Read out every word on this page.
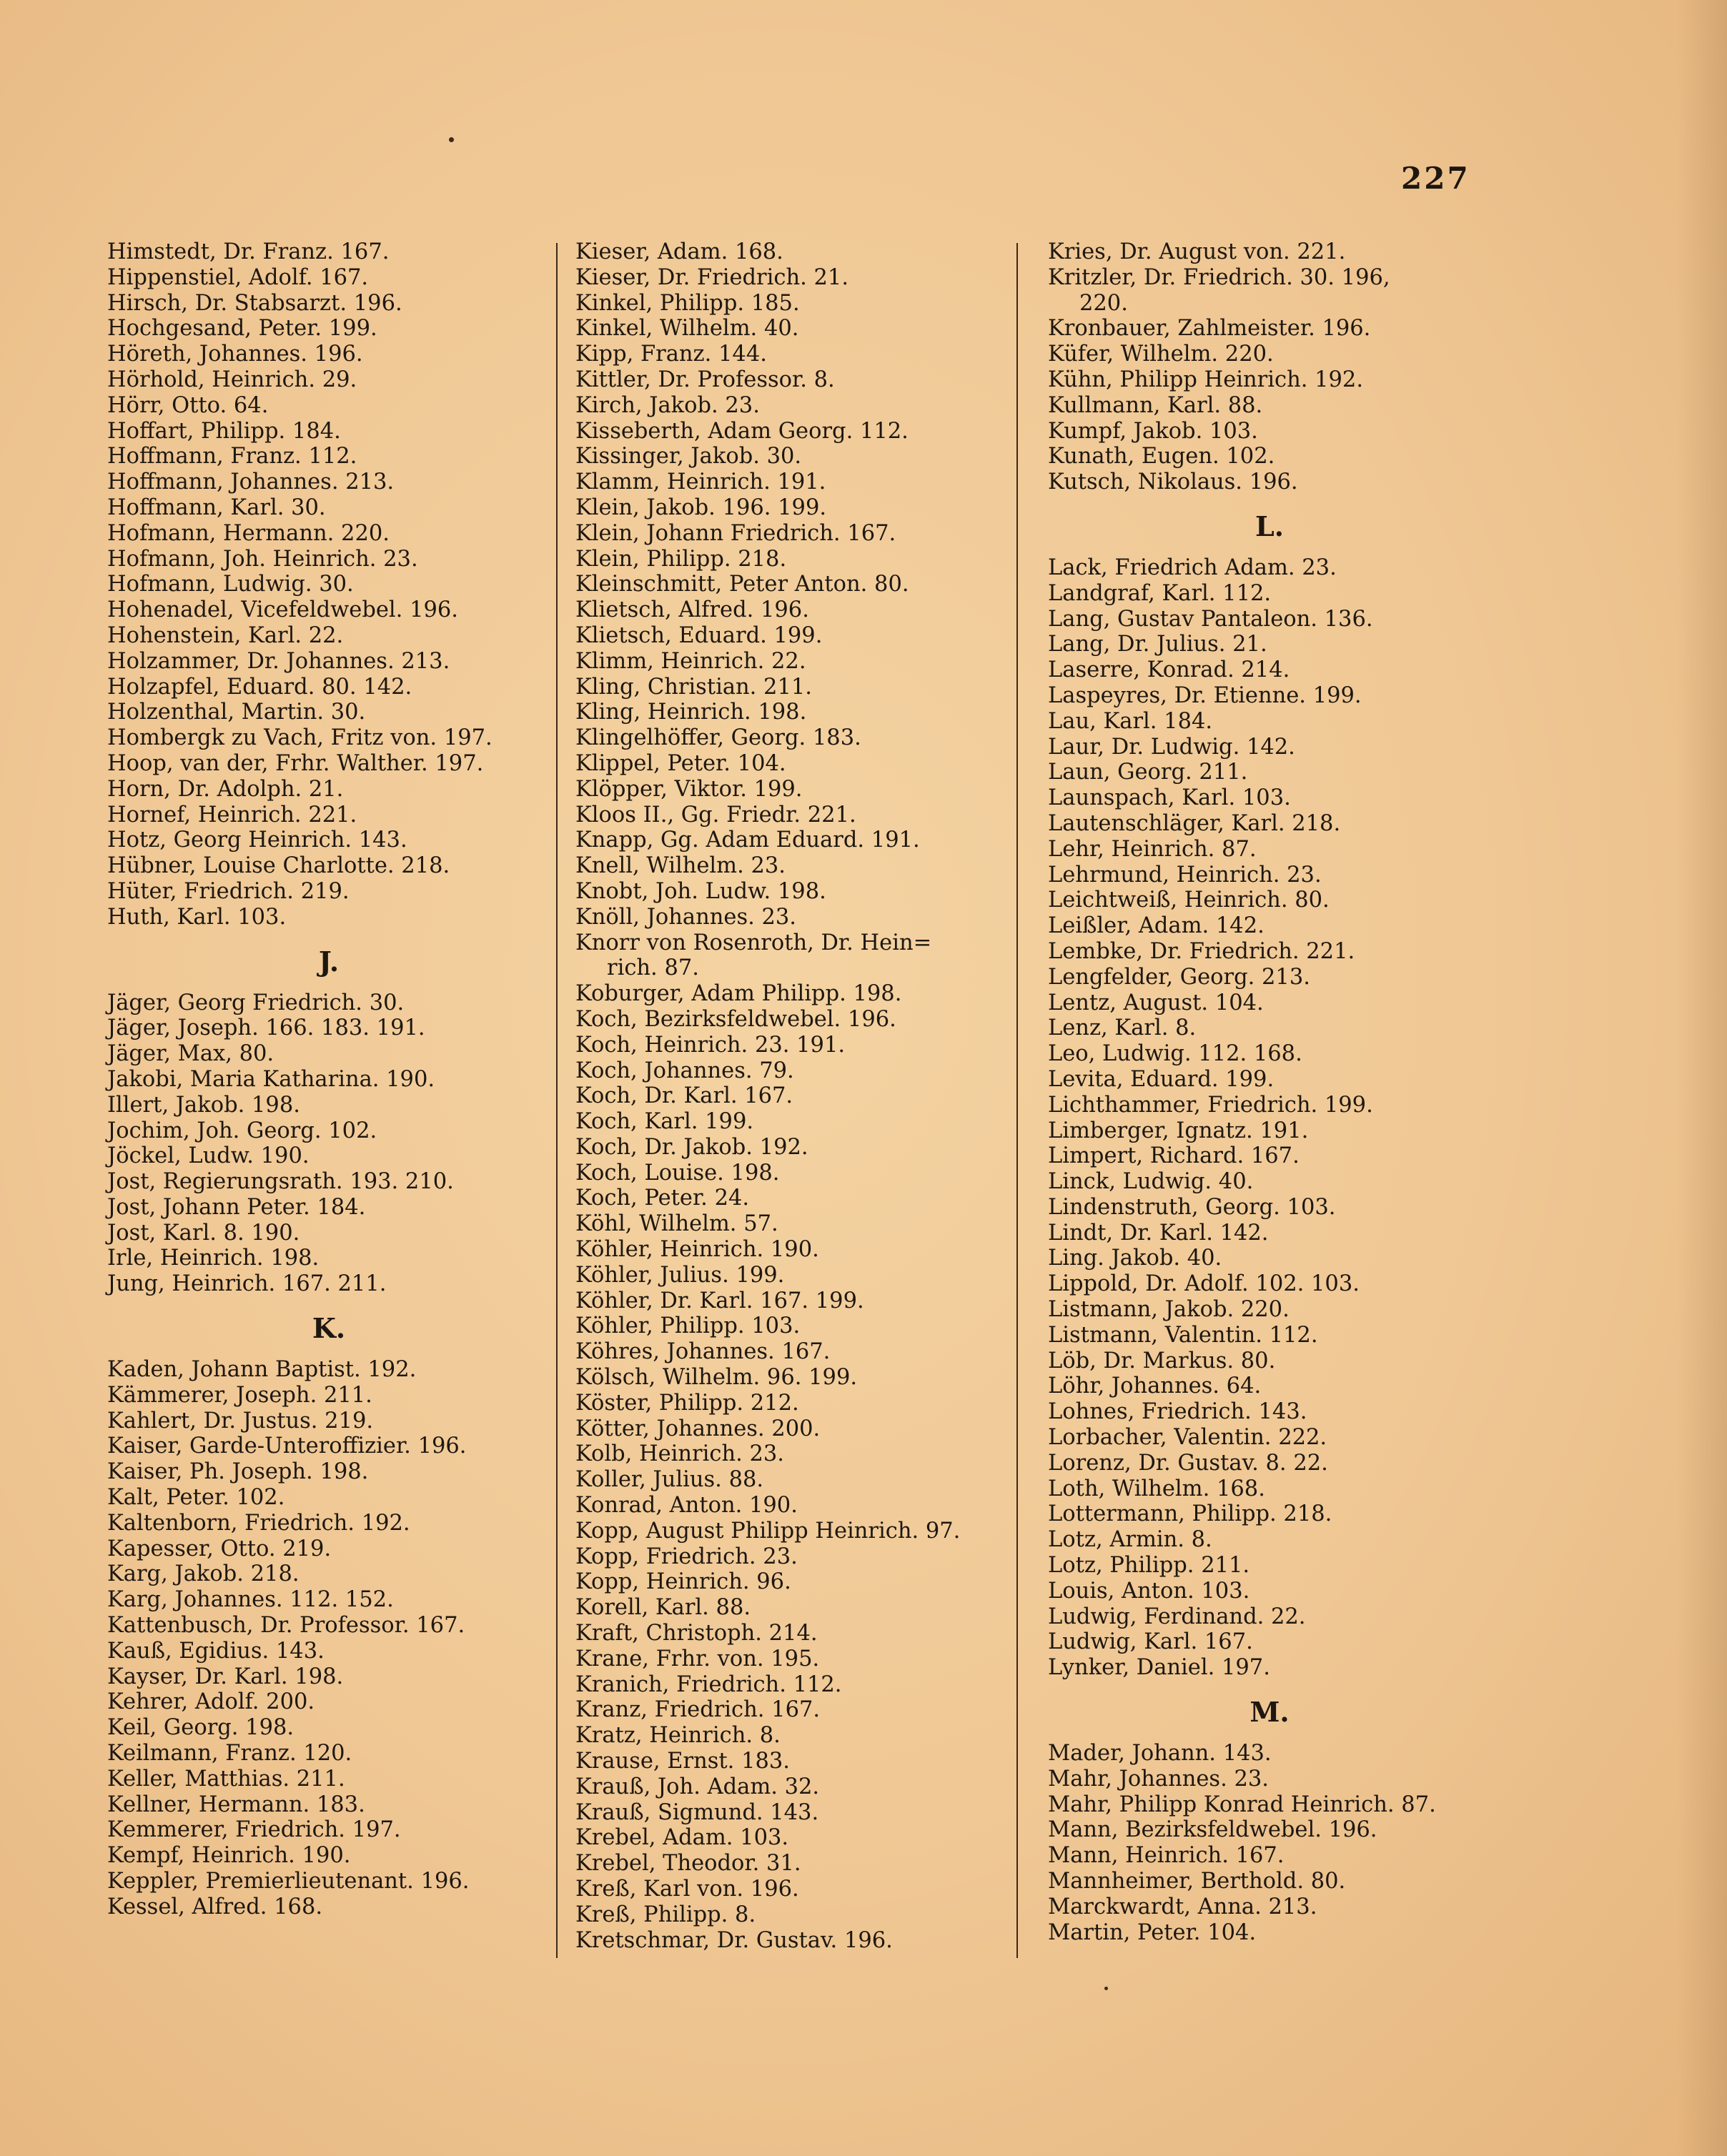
227
Himstedt, Dr. Franz. 167.
Hippenstiel, Adolf. 167.
Hirsch, Dr. Stabsarzt. 196.
Hochgesand, Peter. 199.
Höreth, Johannes. 196.
Hörhold, Heinrich. 29.
Hörr, Otto. 64.
Hoffart, Philipp. 184.
Hoffmann, Franz. 112.
Hoffmann, Johannes. 213.
Hoffmann, Karl. 30.
Hofmann, Hermann. 220.
Hofmann, Joh. Heinrich. 23.
Hofmann, Ludwig. 30.
Hohenadel, Vicefeldwebel. 196.
Hohenstein, Karl. 22.
Holzammer, Dr. Johannes. 213.
Holzapfel, Eduard. 80. 142.
Holzenthal, Martin. 30.
Hombergk zu Vach, Fritz von. 197.
Hoop, van der, Frhr. Walther. 197.
Horn, Dr. Adolph. 21.
Hornef, Heinrich. 221.
Hotz, Georg Heinrich. 143.
Hübner, Louise Charlotte. 218.
Hüter, Friedrich. 219.
Huth, Karl. 103.
J.
Jäger, Georg Friedrich. 30.
Jäger, Joseph. 166. 183. 191.
Jäger, Max, 80.
Jakobi, Maria Katharina. 190.
Illert, Jakob. 198.
Jochim, Joh. Georg. 102.
Jöckel, Ludw. 190.
Jost, Regierungsrath. 193. 210.
Jost, Johann Peter. 184.
Jost, Karl. 8. 190.
Irle, Heinrich. 198.
Jung, Heinrich. 167. 211.
K.
Kaden, Johann Baptist. 192.
Kämmerer, Joseph. 211.
Kahlert, Dr. Justus. 219.
Kaiser, Garde-Unteroffizier. 196.
Kaiser, Ph. Joseph. 198.
Kalt, Peter. 102.
Kaltenborn, Friedrich. 192.
Kapesser, Otto. 219.
Karg, Jakob. 218.
Karg, Johannes. 112. 152.
Kattenbusch, Dr. Professor. 167.
Kauß, Egidius. 143.
Kayser, Dr. Karl. 198.
Kehrer, Adolf. 200.
Keil, Georg. 198.
Keilmann, Franz. 120.
Keller, Matthias. 211.
Kellner, Hermann. 183.
Kemmerer, Friedrich. 197.
Kempf, Heinrich. 190.
Keppler, Premierlieutenant. 196.
Kessel, Alfred. 168.
Kieser, Adam. 168.
Kieser, Dr. Friedrich. 21.
Kinkel, Philipp. 185.
Kinkel, Wilhelm. 40.
Kipp, Franz. 144.
Kittler, Dr. Professor. 8.
Kirch, Jakob. 23.
Kisseberth, Adam Georg. 112.
Kissinger, Jakob. 30.
Klamm, Heinrich. 191.
Klein, Jakob. 196. 199.
Klein, Johann Friedrich. 167.
Klein, Philipp. 218.
Kleinschmitt, Peter Anton. 80.
Klietsch, Alfred. 196.
Klietsch, Eduard. 199.
Klimm, Heinrich. 22.
Kling, Christian. 211.
Kling, Heinrich. 198.
Klingelhöffer, Georg. 183.
Klippel, Peter. 104.
Klöpper, Viktor. 199.
Kloos II., Gg. Friedr. 221.
Knapp, Gg. Adam Eduard. 191.
Knell, Wilhelm. 23.
Knobt, Joh. Ludw. 198.
Knöll, Johannes. 23.
Knorr von Rosenroth, Dr. Hein=
rich. 87.
Koburger, Adam Philipp. 198.
Koch, Bezirksfeldwebel. 196.
Koch, Heinrich. 23. 191.
Koch, Johannes. 79.
Koch, Dr. Karl. 167.
Koch, Karl. 199.
Koch, Dr. Jakob. 192.
Koch, Louise. 198.
Koch, Peter. 24.
Köhl, Wilhelm. 57.
Köhler, Heinrich. 190.
Köhler, Julius. 199.
Köhler, Dr. Karl. 167. 199.
Köhler, Philipp. 103.
Köhres, Johannes. 167.
Kölsch, Wilhelm. 96. 199.
Köster, Philipp. 212.
Kötter, Johannes. 200.
Kolb, Heinrich. 23.
Koller, Julius. 88.
Konrad, Anton. 190.
Kopp, August Philipp Heinrich. 97.
Kopp, Friedrich. 23.
Kopp, Heinrich. 96.
Korell, Karl. 88.
Kraft, Christoph. 214.
Krane, Frhr. von. 195.
Kranich, Friedrich. 112.
Kranz, Friedrich. 167.
Kratz, Heinrich. 8.
Krause, Ernst. 183.
Krauß, Joh. Adam. 32.
Krauß, Sigmund. 143.
Krebel, Adam. 103.
Krebel, Theodor. 31.
Kreß, Karl von. 196.
Kreß, Philipp. 8.
Kretschmar, Dr. Gustav. 196.
Kries, Dr. August von. 221.
Kritzler, Dr. Friedrich. 30. 196,
220.
Kronbauer, Zahlmeister. 196.
Küfer, Wilhelm. 220.
Kühn, Philipp Heinrich. 192.
Kullmann, Karl. 88.
Kumpf, Jakob. 103.
Kunath, Eugen. 102.
Kutsch, Nikolaus. 196.
L.
Lack, Friedrich Adam. 23.
Landgraf, Karl. 112.
Lang, Gustav Pantaleon. 136.
Lang, Dr. Julius. 21.
Laserre, Konrad. 214.
Laspeyres, Dr. Etienne. 199.
Lau, Karl. 184.
Laur, Dr. Ludwig. 142.
Laun, Georg. 211.
Launspach, Karl. 103.
Lautenschläger, Karl. 218.
Lehr, Heinrich. 87.
Lehrmund, Heinrich. 23.
Leichtweiß, Heinrich. 80.
Leißler, Adam. 142.
Lembke, Dr. Friedrich. 221.
Lengfelder, Georg. 213.
Lentz, August. 104.
Lenz, Karl. 8.
Leo, Ludwig. 112. 168.
Levita, Eduard. 199.
Lichthammer, Friedrich. 199.
Limberger, Ignatz. 191.
Limpert, Richard. 167.
Linck, Ludwig. 40.
Lindenstruth, Georg. 103.
Lindt, Dr. Karl. 142.
Ling. Jakob. 40.
Lippold, Dr. Adolf. 102. 103.
Listmann, Jakob. 220.
Listmann, Valentin. 112.
Löb, Dr. Markus. 80.
Löhr, Johannes. 64.
Lohnes, Friedrich. 143.
Lorbacher, Valentin. 222.
Lorenz, Dr. Gustav. 8. 22.
Loth, Wilhelm. 168.
Lottermann, Philipp. 218.
Lotz, Armin. 8.
Lotz, Philipp. 211.
Louis, Anton. 103.
Ludwig, Ferdinand. 22.
Ludwig, Karl. 167.
Lynker, Daniel. 197.
M.
Mader, Johann. 143.
Mahr, Johannes. 23.
Mahr, Philipp Konrad Heinrich. 87.
Mann, Bezirksfeldwebel. 196.
Mann, Heinrich. 167.
Mannheimer, Berthold. 80.
Marckwardt, Anna. 213.
Martin, Peter. 104.
